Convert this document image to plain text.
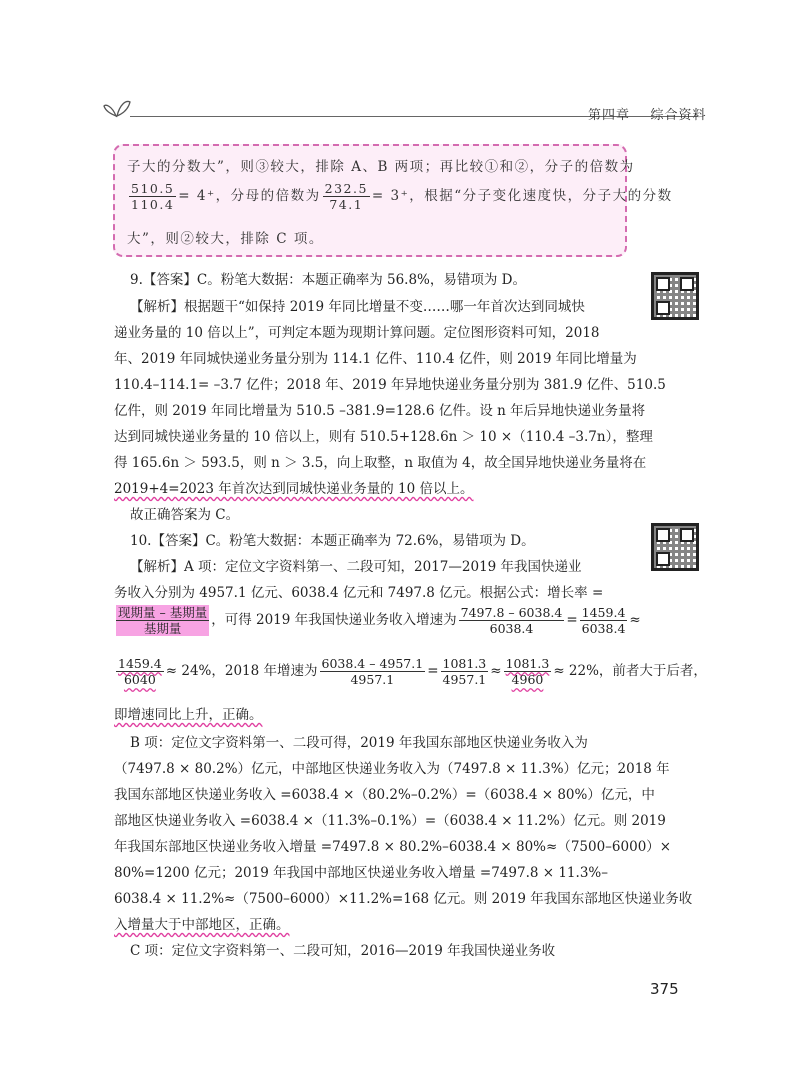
第四章 综合资料
子大的分数大”，则③较大，排除 A、B 两项；再比较①和②，分子的倍数为
$\frac{510.5}{110.4} = 4^+$，分母的倍数为 $\frac{232.5}{74.1} = 3^+$，根据“分子变化速度快，分子大的分数
大”，则②较大，排除 C 项。
9.【答案】C。粉笔大数据：本题正确率为 56.8%，易错项为 D。
【解析】根据题干“如保持 2019 年同比增量不变……哪一年首次达到同城快
递业务量的 10 倍以上”，可判定本题为现期计算问题。定位图形资料可知，2018
年、2019 年同城快递业务量分别为 114.1 亿件、110.4 亿件，则 2019 年同比增量为
110.4–114.1= –3.7 亿件；2018 年、2019 年异地快递业务量分别为 381.9 亿件、510.5
亿件，则 2019 年同比增量为 510.5 –381.9=128.6 亿件。设 n 年后异地快递业务量将
达到同城快递业务量的 10 倍以上，则有 510.5+128.6n ＞ 10 ×（110.4 –3.7n），整理
得 165.6n ＞ 593.5，则 n ＞ 3.5，向上取整，n 取值为 4，故全国异地快递业务量将在
2019+4=2023 年首次达到同城快递业务量的 10 倍以上。
故正确答案为 C。
10.【答案】C。粉笔大数据：本题正确率为 72.6%，易错项为 D。
【解析】A 项：定位文字资料第一、二段可知，2017—2019 年我国快递业
务收入分别为 4957.1 亿元、6038.4 亿元和 7497.8 亿元。根据公式：增长率 =
$\frac{\text{现期量 – 基期量}}{\text{基期量}}$ ，可得 2019 年我国快递业务收入增速为 $\frac{7497.8 - 6038.4}{6038.4} = \frac{1459.4}{6038.4}$ ≈
$\frac{1459.4}{6040} \approx 24\%$，2018 年增速为 $\frac{6038.4 - 4957.1}{4957.1} = \frac{1081.3}{4957.1} \approx \frac{1081.3}{4960} \approx 22\%$，前者大于后者，
即增速同比上升，正确。
B 项：定位文字资料第一、二段可得，2019 年我国东部地区快递业务收入为
（7497.8 × 80.2%）亿元，中部地区快递业务收入为（7497.8 × 11.3%）亿元；2018 年
我国东部地区快递业务收入 =6038.4 ×（80.2%–0.2%）=（6038.4 × 80%）亿元，中
部地区快递业务收入 =6038.4 ×（11.3%–0.1%）=（6038.4 × 11.2%）亿元。则 2019
年我国东部地区快递业务收入增量 =7497.8 × 80.2%–6038.4 × 80%≈（7500–6000）×
80%=1200 亿元；2019 年我国中部地区快递业务收入增量 =7497.8 × 11.3%–
6038.4 × 11.2%≈（7500–6000）×11.2%=168 亿元。则 2019 年我国东部地区快递业务收
入增量大于中部地区，正确。
C 项：定位文字资料第一、二段可知，2016—2019 年我国快递业务收
375
